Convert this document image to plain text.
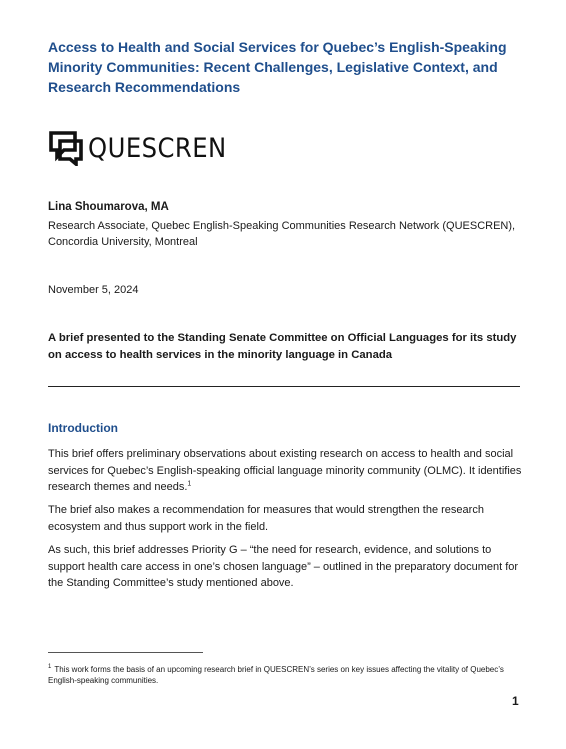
Access to Health and Social Services for Quebec’s English-Speaking Minority Communities: Recent Challenges, Legislative Context, and Research Recommendations
QUESCREN
Lina Shoumarova, MA
Research Associate, Quebec English-Speaking Communities Research Network (QUESCREN), Concordia University, Montreal
November 5, 2024
A brief presented to the Standing Senate Committee on Official Languages for its study on access to health services in the minority language in Canada
Introduction

This brief offers preliminary observations about existing research on access to health and social services for Quebec’s English-speaking official language minority community (OLMC). It identifies research themes and needs.$^1$

The brief also makes a recommendation for measures that would strengthen the research ecosystem and thus support work in the field.

As such, this brief addresses Priority G – “the need for research, evidence, and solutions to support health care access in one’s chosen language” – outlined in the preparatory document for the Standing Committee’s study mentioned above.

$^1$ This work forms the basis of an upcoming research brief in QUESCREN’s series on key issues affecting the vitality of Quebec’s English-speaking communities.
1
